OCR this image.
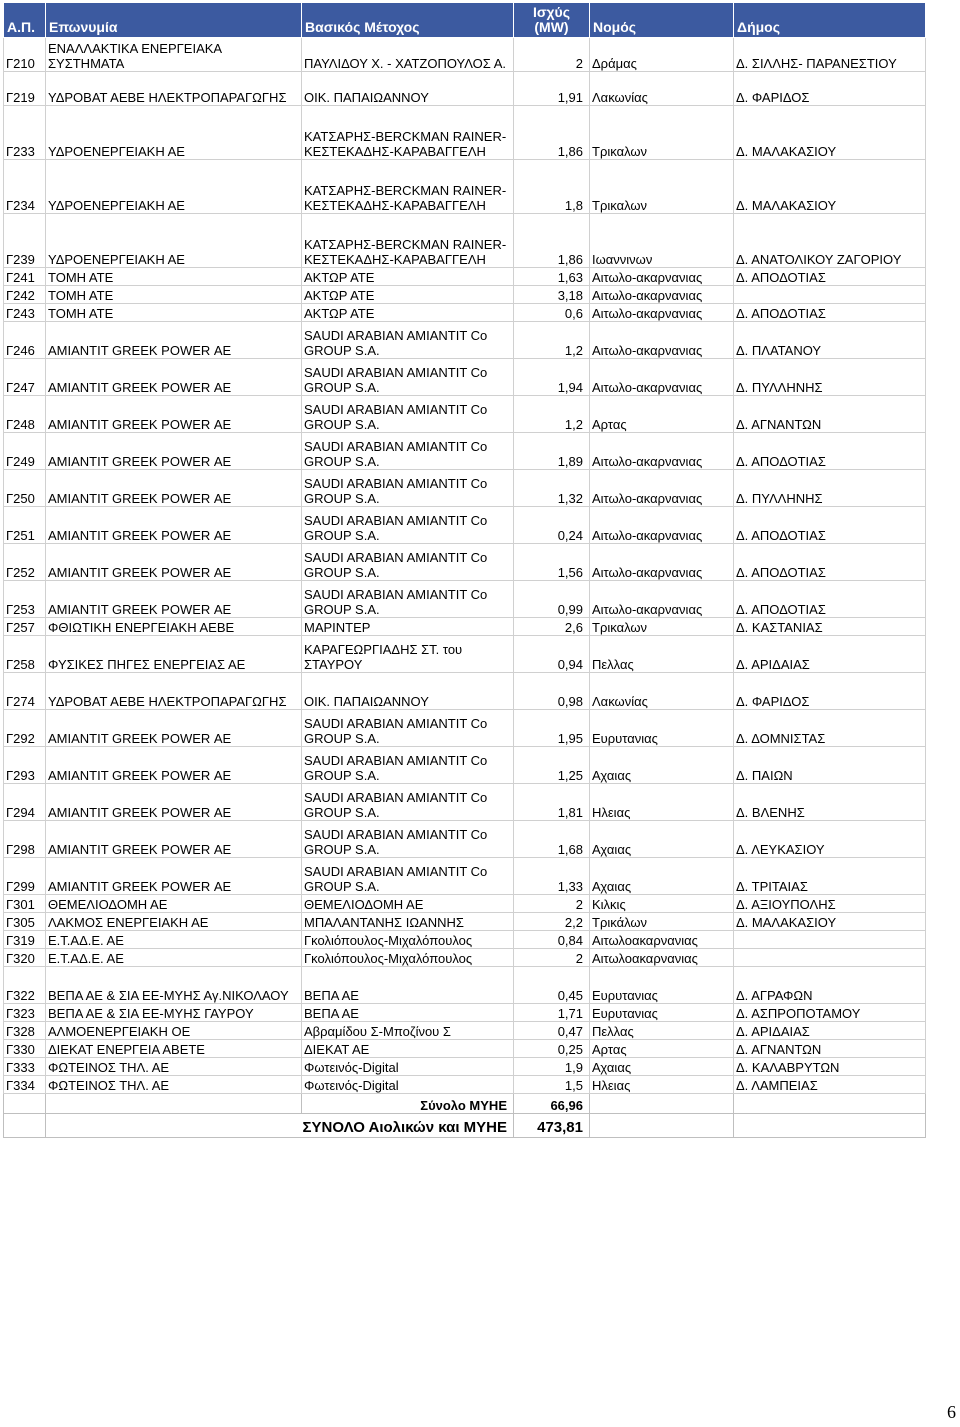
Α.Π.	Επωνυμία	Βασικός Μέτοχος	Ισχύς (MW)	Νομός	Δήμος
Γ210	ΕΝΑΛΛΑΚΤΙΚΑ ΕΝΕΡΓΕΙΑΚΑ ΣΥΣΤΗΜΑΤΑ	ΠΑΥΛΙΔΟΥ Χ. - ΧΑΤΖΟΠΟΥΛΟΣ Α.	2	Δράμας	Δ. ΣΙΛΛΗΣ- ΠΑΡΑΝΕΣΤΙΟΥ
Γ219	ΥΔΡΟΒΑΤ ΑΕΒΕ ΗΛΕΚΤΡΟΠΑΡΑΓΩΓΗΣ	ΟΙΚ. ΠΑΠΑΙΩΑΝΝΟΥ	1,91	Λακωνίας	Δ. ΦΑΡΙΔΟΣ
Γ233	ΥΔΡΟΕΝΕΡΓΕΙΑΚΗ ΑΕ	ΚΑΤΣΑΡΗΣ-BERCKMAN RAINER-ΚΕΣΤΕΚΑΔΗΣ-ΚΑΡΑΒΑΓΓΕΛΗ	1,86	Τρικαλων	Δ. ΜΑΛΑΚΑΣΙΟΥ
Γ234	ΥΔΡΟΕΝΕΡΓΕΙΑΚΗ ΑΕ	ΚΑΤΣΑΡΗΣ-BERCKMAN RAINER-ΚΕΣΤΕΚΑΔΗΣ-ΚΑΡΑΒΑΓΓΕΛΗ	1,8	Τρικαλων	Δ. ΜΑΛΑΚΑΣΙΟΥ
Γ239	ΥΔΡΟΕΝΕΡΓΕΙΑΚΗ ΑΕ	ΚΑΤΣΑΡΗΣ-BERCKMAN RAINER-ΚΕΣΤΕΚΑΔΗΣ-ΚΑΡΑΒΑΓΓΕΛΗ	1,86	Ιωαννινων	Δ. ΑΝΑΤΟΛΙΚΟΥ ΖΑΓΟΡΙΟΥ
Γ241	ΤΟΜΗ ΑΤΕ	ΑΚΤΩΡ ΑΤΕ	1,63	Αιτωλο-ακαρνανιας	Δ. ΑΠΟΔΟΤΙΑΣ
Γ242	ΤΟΜΗ ΑΤΕ	ΑΚΤΩΡ ΑΤΕ	3,18	Αιτωλο-ακαρνανιας	
Γ243	ΤΟΜΗ ΑΤΕ	ΑΚΤΩΡ ΑΤΕ	0,6	Αιτωλο-ακαρνανιας	Δ. ΑΠΟΔΟΤΙΑΣ
Γ246	ΑΜΙΑΝΤΙΤ GREEK POWER ΑΕ	SAUDI ARABIAN AMIANTIT Co GROUP S.A.	1,2	Αιτωλο-ακαρνανιας	Δ. ΠΛΑΤΑΝΟΥ
Γ247	ΑΜΙΑΝΤΙΤ GREEK POWER ΑΕ	SAUDI ARABIAN AMIANTIT Co GROUP S.A.	1,94	Αιτωλο-ακαρνανιας	Δ. ΠΥΛΛΗΝΗΣ
Γ248	ΑΜΙΑΝΤΙΤ GREEK POWER ΑΕ	SAUDI ARABIAN AMIANTIT Co GROUP S.A.	1,2	Αρτας	Δ. ΑΓΝΑΝΤΩΝ
Γ249	ΑΜΙΑΝΤΙΤ GREEK POWER ΑΕ	SAUDI ARABIAN AMIANTIT Co GROUP S.A.	1,89	Αιτωλο-ακαρνανιας	Δ. ΑΠΟΔΟΤΙΑΣ
Γ250	ΑΜΙΑΝΤΙΤ GREEK POWER ΑΕ	SAUDI ARABIAN AMIANTIT Co GROUP S.A.	1,32	Αιτωλο-ακαρνανιας	Δ. ΠΥΛΛΗΝΗΣ
Γ251	ΑΜΙΑΝΤΙΤ GREEK POWER ΑΕ	SAUDI ARABIAN AMIANTIT Co GROUP S.A.	0,24	Αιτωλο-ακαρνανιας	Δ. ΑΠΟΔΟΤΙΑΣ
Γ252	ΑΜΙΑΝΤΙΤ GREEK POWER ΑΕ	SAUDI ARABIAN AMIANTIT Co GROUP S.A.	1,56	Αιτωλο-ακαρνανιας	Δ. ΑΠΟΔΟΤΙΑΣ
Γ253	ΑΜΙΑΝΤΙΤ GREEK POWER ΑΕ	SAUDI ARABIAN AMIANTIT Co GROUP S.A.	0,99	Αιτωλο-ακαρνανιας	Δ. ΑΠΟΔΟΤΙΑΣ
Γ257	ΦΘΙΩΤΙΚΗ ΕΝΕΡΓΕΙΑΚΗ ΑΕΒΕ	ΜΑΡΙΝΤΕΡ	2,6	Τρικαλων	Δ. ΚΑΣΤΑΝΙΑΣ
Γ258	ΦΥΣΙΚΕΣ ΠΗΓΕΣ ΕΝΕΡΓΕΙΑΣ ΑΕ	ΚΑΡΑΓΕΩΡΓΙΑΔΗΣ ΣΤ. του ΣΤΑΥΡΟΥ	0,94	Πελλας	Δ. ΑΡΙΔΑΙΑΣ
Γ274	ΥΔΡΟΒΑΤ ΑΕΒΕ ΗΛΕΚΤΡΟΠΑΡΑΓΩΓΗΣ	ΟΙΚ. ΠΑΠΑΙΩΑΝΝΟΥ	0,98	Λακωνίας	Δ. ΦΑΡΙΔΟΣ
Γ292	ΑΜΙΑΝΤΙΤ GREEK POWER ΑΕ	SAUDI ARABIAN AMIANTIT Co GROUP S.A.	1,95	Ευρυτανιας	Δ. ΔΟΜΝΙΣΤΑΣ
Γ293	ΑΜΙΑΝΤΙΤ GREEK POWER ΑΕ	SAUDI ARABIAN AMIANTIT Co GROUP S.A.	1,25	Αχαιας	Δ. ΠΑΙΩΝ
Γ294	ΑΜΙΑΝΤΙΤ GREEK POWER ΑΕ	SAUDI ARABIAN AMIANTIT Co GROUP S.A.	1,81	Ηλειας	Δ. ΒΛΕΝΗΣ
Γ298	ΑΜΙΑΝΤΙΤ GREEK POWER ΑΕ	SAUDI ARABIAN AMIANTIT Co GROUP S.A.	1,68	Αχαιας	Δ. ΛΕΥΚΑΣΙΟΥ
Γ299	ΑΜΙΑΝΤΙΤ GREEK POWER ΑΕ	SAUDI ARABIAN AMIANTIT Co GROUP S.A.	1,33	Αχαιας	Δ. ΤΡΙΤΑΙΑΣ
Γ301	ΘΕΜΕΛΙΟΔΟΜΗ ΑΕ	ΘΕΜΕΛΙΟΔΟΜΗ ΑΕ	2	Κιλκις	Δ. ΑΞΙΟΥΠΟΛΗΣ
Γ305	ΛΑΚΜΟΣ ΕΝΕΡΓΕΙΑΚΗ ΑΕ	ΜΠΑΛΑΝΤΑΝΗΣ ΙΩΑΝΝΗΣ	2,2	Τρικάλων	Δ. ΜΑΛΑΚΑΣΙΟΥ
Γ319	Ε.Τ.ΑΔ.Ε. ΑΕ	Γκολιόπουλος-Μιχαλόπουλος	0,84	Αιτωλοακαρνανιας	
Γ320	Ε.Τ.ΑΔ.Ε. ΑΕ	Γκολιόπουλος-Μιχαλόπουλος	2	Αιτωλοακαρνανιας	
Γ322	ΒΕΠΑ ΑΕ & ΣΙΑ ΕΕ-ΜΥΗΣ Αγ.ΝΙΚΟΛΑΟΥ	ΒΕΠΑ ΑΕ	0,45	Ευρυτανιας	Δ. ΑΓΡΑΦΩΝ
Γ323	ΒΕΠΑ ΑΕ & ΣΙΑ ΕΕ-ΜΥΗΣ ΓΑΥΡΟΥ	ΒΕΠΑ ΑΕ	1,71	Ευρυτανιας	Δ. ΑΣΠΡΟΠΟΤΑΜΟΥ
Γ328	ΑΛΜΟΕΝΕΡΓΕΙΑΚΗ ΟΕ	Αβραμίδου Σ-Μποζίνου Σ	0,47	Πελλας	Δ. ΑΡΙΔΑΙΑΣ
Γ330	ΔΙΕΚΑΤ ΕΝΕΡΓΕΙΑ ΑΒΕΤΕ	ΔΙΕΚΑΤ ΑΕ	0,25	Αρτας	Δ. ΑΓΝΑΝΤΩΝ
Γ333	ΦΩΤΕΙΝΟΣ ΤΗΛ. ΑΕ	Φωτεινός-Digital	1,9	Αχαιας	Δ. ΚΑΛΑΒΡΥΤΩΝ
Γ334	ΦΩΤΕΙΝΟΣ ΤΗΛ. ΑΕ	Φωτεινός-Digital	1,5	Ηλειας	Δ. ΛΑΜΠΕΙΑΣ
		Σύνολο ΜΥΗΕ	66,96		
	ΣΥΝΟΛΟ Αιολικών και ΜΥΗΕ		473,81		
6
